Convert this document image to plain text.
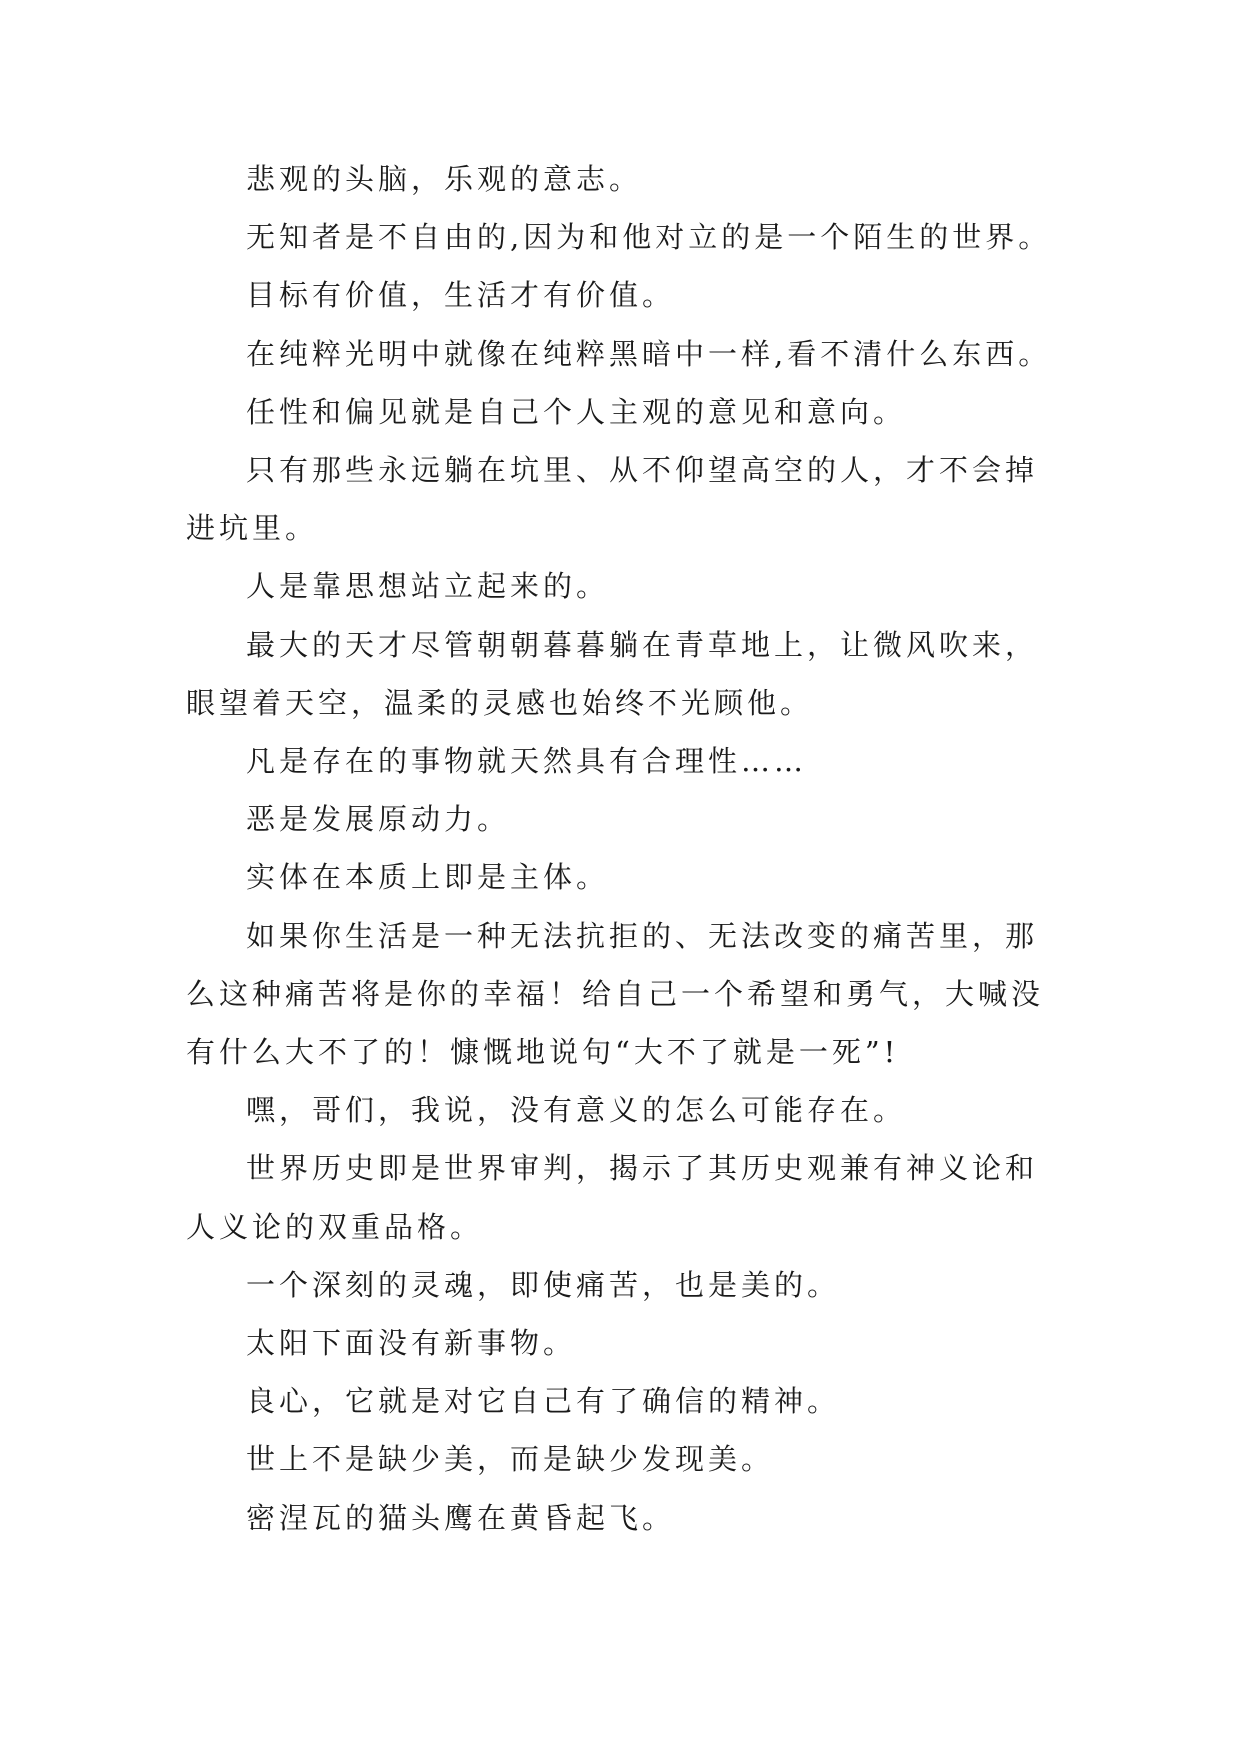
悲观的头脑，乐观的意志。

无知者是不自由的,因为和他对立的是一个陌生的世界。

目标有价值，生活才有价值。

在纯粹光明中就像在纯粹黑暗中一样,看不清什么东西。

任性和偏见就是自己个人主观的意见和意向。

只有那些永远躺在坑里、从不仰望高空的人，才不会掉
进坑里。

人是靠思想站立起来的。

最大的天才尽管朝朝暮暮躺在青草地上，让微风吹来，
眼望着天空，温柔的灵感也始终不光顾他。

凡是存在的事物就天然具有合理性……

恶是发展原动力。

实体在本质上即是主体。

如果你生活是一种无法抗拒的、无法改变的痛苦里，那
么这种痛苦将是你的幸福！给自己一个希望和勇气，大喊没
有什么大不了的！慷慨地说句“大不了就是一死”!

嘿，哥们，我说，没有意义的怎么可能存在。

世界历史即是世界审判，揭示了其历史观兼有神义论和
人义论的双重品格。

一个深刻的灵魂，即使痛苦，也是美的。

太阳下面没有新事物。

良心，它就是对它自己有了确信的精神。

世上不是缺少美，而是缺少发现美。

密涅瓦的猫头鹰在黄昏起飞。
